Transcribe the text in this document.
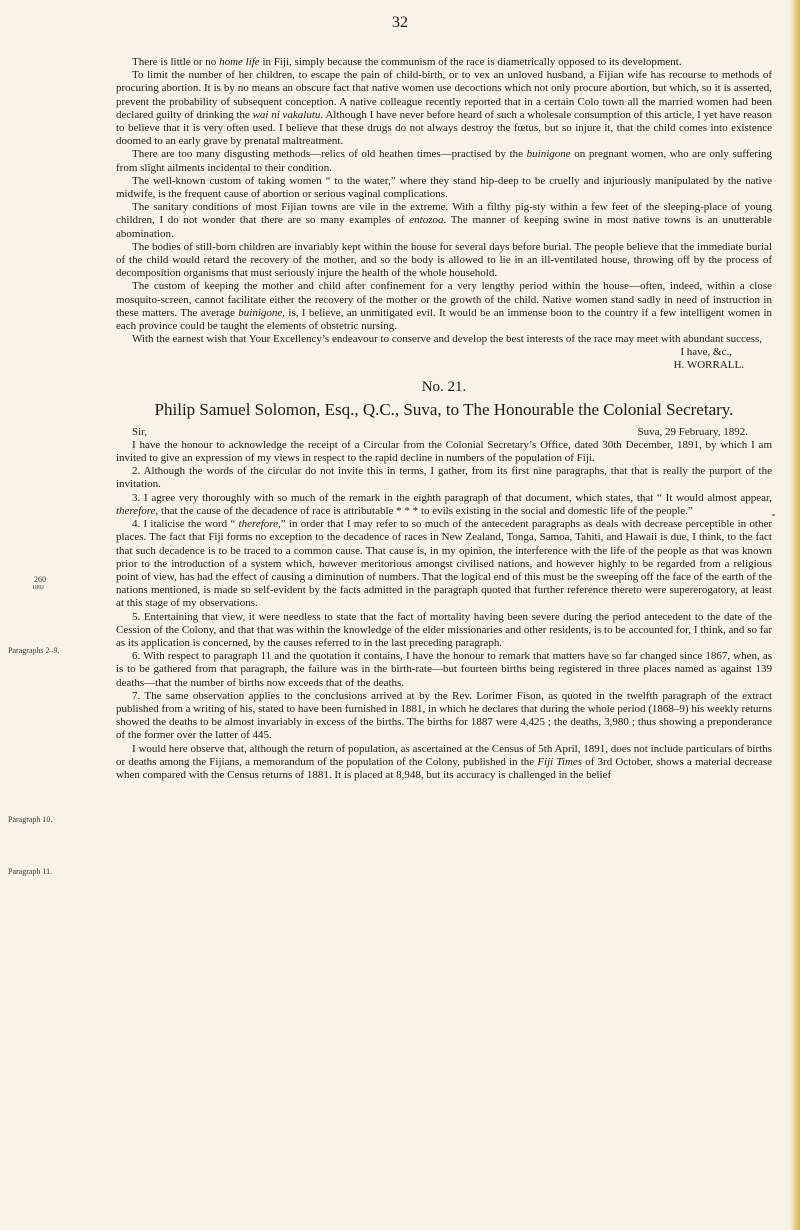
32
260
1892
Paragraphs 2–9.
Paragraph 10.
Paragraph 11.

There is little or no home life in Fiji, simply because the communism of the race is diametrically opposed to its development.

To limit the number of her children, to escape the pain of child-birth, or to vex an unloved husband, a Fijian wife has recourse to methods of procuring abortion. It is by no means an obscure fact that native women use decoctions which not only procure abortion, but which, so it is asserted, prevent the probability of subsequent conception. A native colleague recently reported that in a certain Colo town all the married women had been declared guilty of drinking the wai ni vakalutu. Although I have never before heard of such a wholesale consumption of this article, I yet have reason to believe that it is very often used. I believe that these drugs do not always destroy the fœtus, but so injure it, that the child comes into existence doomed to an early grave by prenatal maltreatment.

There are too many disgusting methods—relics of old heathen times—practised by the buinigone on pregnant women, who are only suffering from slight ailments incidental to their condition.

The well-known custom of taking women “ to the water,” where they stand hip-deep to be cruelly and injuriously manipulated by the native midwife, is the frequent cause of abortion or serious vaginal complications.

The sanitary conditions of most Fijian towns are vile in the extreme. With a filthy pig-sty within a few feet of the sleeping-place of young children, I do not wonder that there are so many examples of entozoa. The manner of keeping swine in most native towns is an unutterable abomination.

The bodies of still-born children are invariably kept within the house for several days before burial. The people believe that the immediate burial of the child would retard the recovery of the mother, and so the body is allowed to lie in an ill-ventilated house, throwing off by the process of decomposition organisms that must seriously injure the health of the whole household.

The custom of keeping the mother and child after confinement for a very lengthy period within the house—often, indeed, within a close mosquito-screen, cannot facilitate either the recovery of the mother or the growth of the child. Native women stand sadly in need of instruction in these matters. The average buinigone, is, I believe, an unmitigated evil. It would be an immense boon to the country if a few intelligent women in each province could be taught the elements of obstetric nursing.

With the earnest wish that Your Excellency’s endeavour to conserve and develop the best interests of the race may meet with abundant success,

I have, &c.,
H. WORRALL.
No. 21.
Philip Samuel Solomon, Esq., Q.C., Suva, to The Honourable the Colonial Secretary.
Sir,	Suva, 29 February, 1892.

I have the honour to acknowledge the receipt of a Circular from the Colonial Secretary’s Office, dated 30th December, 1891, by which I am invited to give an expression of my views in respect to the rapid decline in numbers of the population of Fiji.

2. Although the words of the circular do not invite this in terms, I gather, from its first nine paragraphs, that that is really the purport of the invitation.

3. I agree very thoroughly with so much of the remark in the eighth paragraph of that document, which states, that “ It would almost appear, therefore, that the cause of the decadence of race is attributable * * * to evils existing in the social and domestic life of the people.”

4. I italicise the word “ therefore,” in order that I may refer to so much of the antecedent paragraphs as deals with decrease perceptible in other places. The fact that Fiji forms no exception to the decadence of races in New Zealand, Tonga, Samoa, Tahiti, and Hawaii is due, I think, to the fact that such decadence is to be traced to a common cause. That cause is, in my opinion, the interference with the life of the people as that was known prior to the introduction of a system which, however meritorious amongst civilised nations, and however highly to be regarded from a religious point of view, has had the effect of causing a diminution of numbers. That the logical end of this must be the sweeping off the face of the earth of the nations mentioned, is made so self-evident by the facts admitted in the paragraph quoted that further reference thereto were supererogatory, at least at this stage of my observations.

5. Entertaining that view, it were needless to state that the fact of mortality having been severe during the period antecedent to the date of the Cession of the Colony, and that that was within the knowledge of the elder missionaries and other residents, is to be accounted for, I think, and so far as its application is concerned, by the causes referred to in the last preceding paragraph.

6. With respect to paragraph 11 and the quotation it contains, I have the honour to remark that matters have so far changed since 1867, when, as is to be gathered from that paragraph, the failure was in the birth-rate—but fourteen births being registered in three places named as against 139 deaths—that the number of births now exceeds that of the deaths.

7. The same observation applies to the conclusions arrived at by the Rev. Lorimer Fison, as quoted in the twelfth paragraph of the extract published from a writing of his, stated to have been furnished in 1881, in which he declares that during the whole period (1868–9) his weekly returns showed the deaths to be almost invariably in excess of the births. The births for 1887 were 4,425 ; the deaths, 3,980 ; thus showing a preponderance of the former over the latter of 445.

I would here observe that, although the return of population, as ascertained at the Census of 5th April, 1891, does not include particulars of births or deaths among the Fijians, a memorandum of the population of the Colony, published in the Fiji Times of 3rd October, shows a material decrease when compared with the Census returns of 1881. It is placed at 8,948, but its accuracy is challenged in the belief
